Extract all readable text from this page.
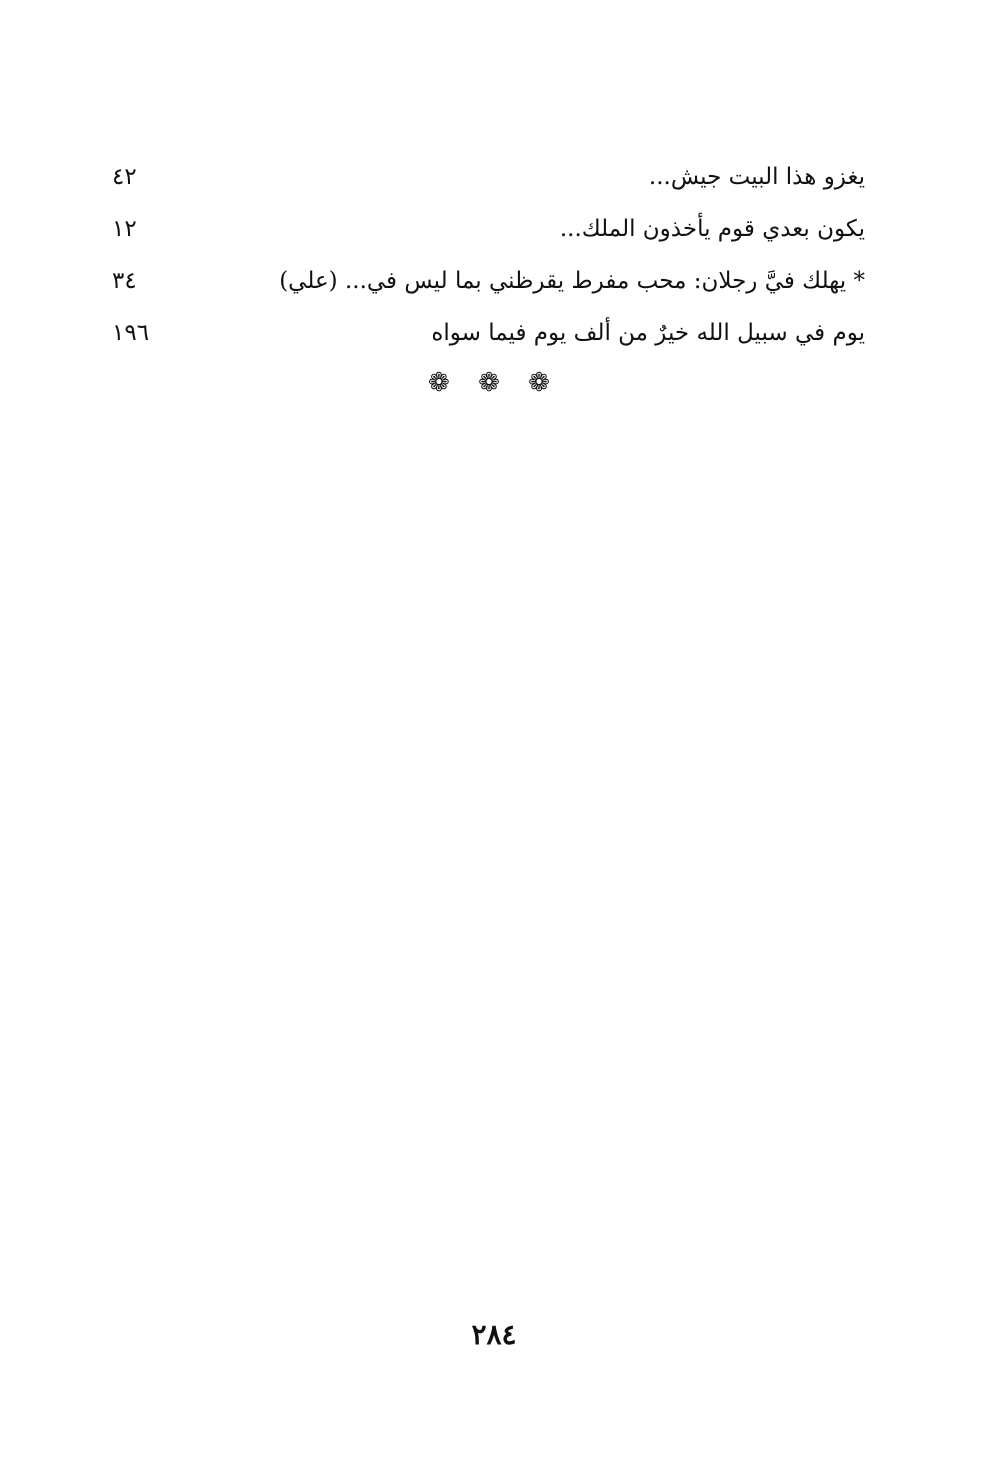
يغزو هذا البيت جيش...
٤٢
يكون بعدي قوم يأخذون الملك...
١٢
* يهلك فيَّ رجلان: محب مفرط يقرظني بما ليس في... (علي)
٣٤
يوم في سبيل الله خيرٌ من ألف يوم فيما سواه
١٩٦
❁ ❁ ❁
٢٨٤
